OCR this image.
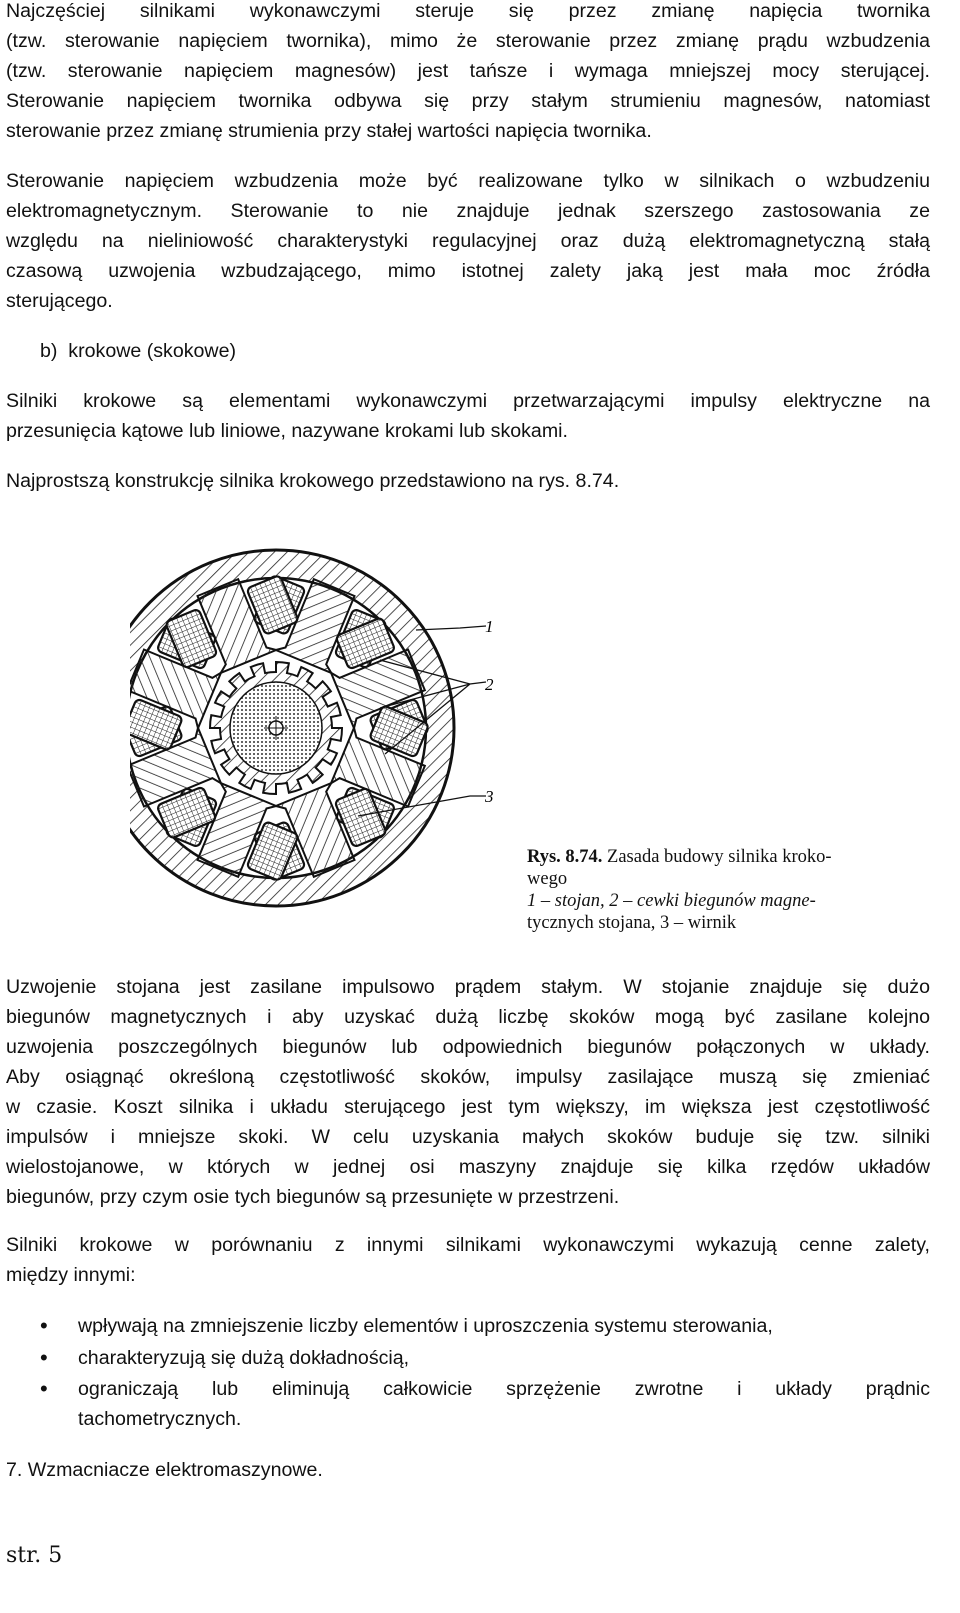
Najczęściej silnikami wykonawczymi steruje się przez zmianę napięcia twornika
(tzw. sterowanie napięciem twornika), mimo że sterowanie przez zmianę prądu wzbudzenia
(tzw. sterowanie napięciem magnesów) jest tańsze i wymaga mniejszej mocy sterującej.
Sterowanie napięciem twornika odbywa się przy stałym strumieniu magnesów, natomiast
sterowanie przez zmianę strumienia przy stałej wartości napięcia twornika.
Sterowanie napięciem wzbudzenia może być realizowane tylko w silnikach o wzbudzeniu
elektromagnetycznym. Sterowanie to nie znajduje jednak szerszego zastosowania ze
względu na nieliniowość charakterystyki regulacyjnej oraz dużą elektromagnetyczną stałą
czasową uzwojenia wzbudzającego, mimo istotnej zalety jaką jest mała moc źródła
sterującego.
b)  krokowe (skokowe)
Silniki krokowe są elementami wykonawczymi przetwarzającymi impulsy elektryczne na
przesunięcia kątowe lub liniowe, nazywane krokami lub skokami.
Najprostszą konstrukcję silnika krokowego przedstawiono na rys. 8.74.
1
2
3
Rys. 8.74. Zasada budowy silnika kroko-
wego
1 – stojan, 2 – cewki biegunów magne-
tycznych stojana, 3 – wirnik
Uzwojenie stojana jest zasilane impulsowo prądem stałym. W stojanie znajduje się dużo
biegunów magnetycznych i aby uzyskać dużą liczbę skoków mogą być zasilane kolejno
uzwojenia poszczególnych biegunów lub odpowiednich biegunów połączonych w układy.
Aby osiągnąć określoną częstotliwość skoków, impulsy zasilające muszą się zmieniać
w czasie. Koszt silnika i układu sterującego jest tym większy, im większa jest częstotliwość
impulsów i mniejsze skoki. W celu uzyskania małych skoków buduje się tzw. silniki
wielostojanowe, w których w jednej osi maszyny znajduje się kilka rzędów układów
biegunów, przy czym osie tych biegunów są przesunięte w przestrzeni.
Silniki krokowe w porównaniu z innymi silnikami wykonawczymi wykazują cenne zalety,
między innymi:
• wpływają na zmniejszenie liczby elementów i uproszczenia systemu sterowania,
• charakteryzują się dużą dokładnością,
• ograniczają lub eliminują całkowicie sprzężenie zwrotne i układy prądnic
tachometrycznych.
7. Wzmacniacze elektromaszynowe.
str. 5
